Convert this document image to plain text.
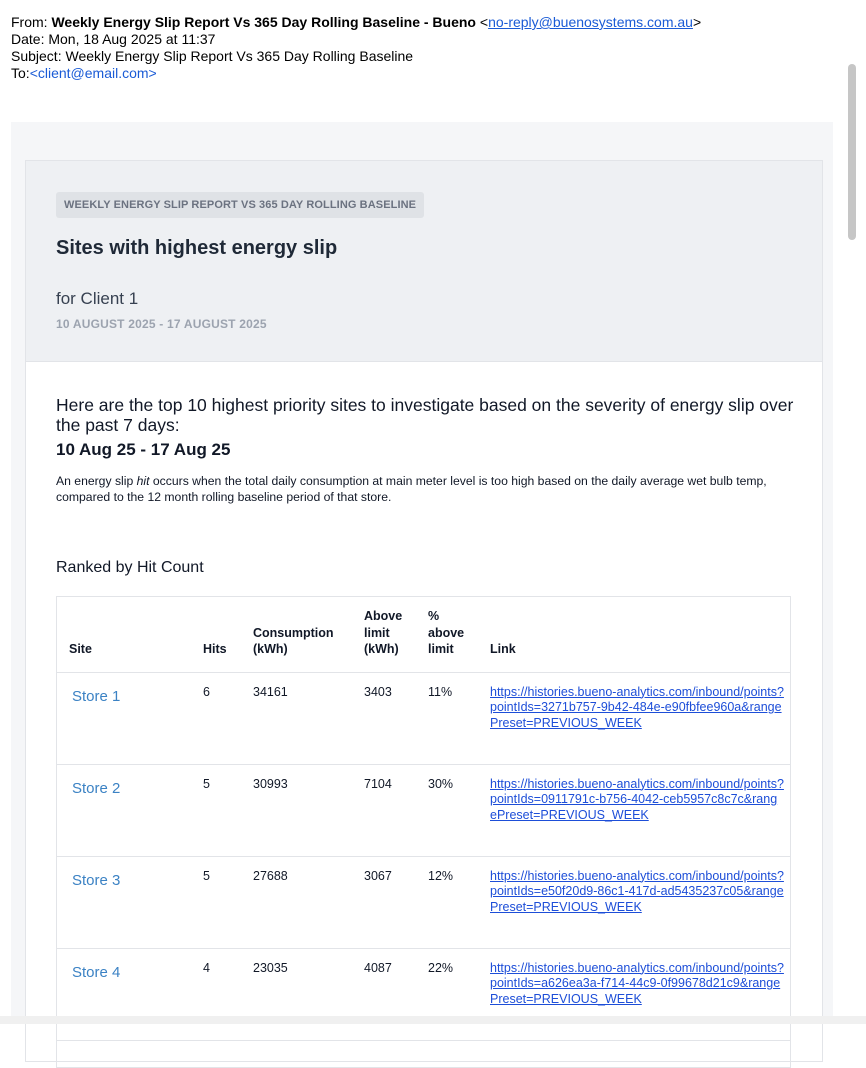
From: Weekly Energy Slip Report Vs 365 Day Rolling Baseline - Bueno <no-reply@buenosystems.com.au>
Date: Mon, 18 Aug 2025 at 11:37
Subject: Weekly Energy Slip Report Vs 365 Day Rolling Baseline
To:<client@email.com>
WEEKLY ENERGY SLIP REPORT VS 365 DAY ROLLING BASELINE
Sites with highest energy slip
for Client 1
10 AUGUST 2025 - 17 AUGUST 2025
Here are the top 10 highest priority sites to investigate based on the severity of energy slip over the past 7 days:
10 Aug 25 - 17 Aug 25
An energy slip hit occurs when the total daily consumption at main meter level is too high based on the daily average wet bulb temp, compared to the 12 month rolling baseline period of that store.
Ranked by Hit Count
Site	Hits	Consumption (kWh)	Above limit (kWh)	% above limit	Link
Store 1	6	34161	3403	11%	https://histories.bueno-analytics.com/inbound/points?pointIds=3271b757-9b42-484e-e90fbfee960a&rangePreset=PREVIOUS_WEEK
Store 2	5	30993	7104	30%	https://histories.bueno-analytics.com/inbound/points?pointIds=0911791c-b756-4042-ceb5957c8c7c&rangePreset=PREVIOUS_WEEK
Store 3	5	27688	3067	12%	https://histories.bueno-analytics.com/inbound/points?pointIds=e50f20d9-86c1-417d-ad5435237c05&rangePreset=PREVIOUS_WEEK
Store 4	4	23035	4087	22%	https://histories.bueno-analytics.com/inbound/points?pointIds=a626ea3a-f714-44c9-0f99678d21c9&rangePreset=PREVIOUS_WEEK
